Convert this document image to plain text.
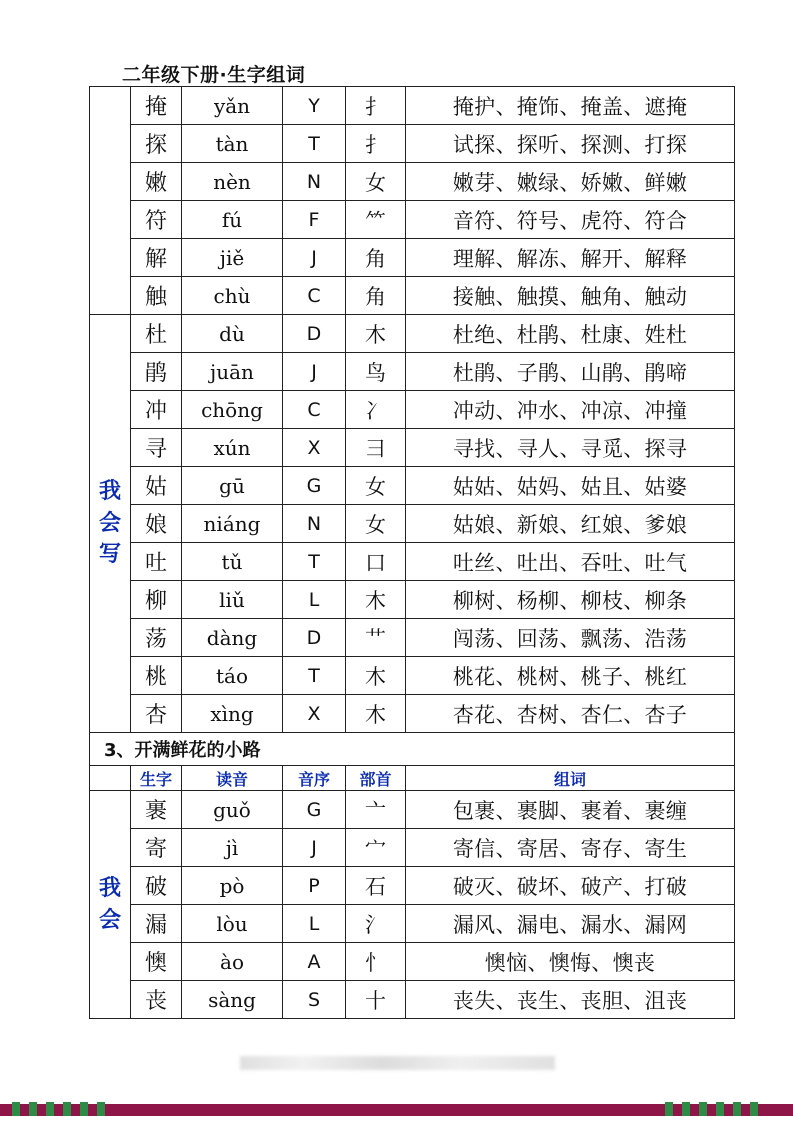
二年级下册·生字组词
	掩	yǎn	Y	扌	掩护、掩饰、掩盖、遮掩
	探	tàn	T	扌	试探、探听、探测、打探
	嫩	nèn	N	女	嫩芽、嫩绿、娇嫩、鲜嫩
	符	fú	F	⺮	音符、符号、虎符、符合
	解	jiě	J	角	理解、解冻、解开、解释
	触	chù	C	角	接触、触摸、触角、触动

我
会
写	杜	dù	D	木	杜绝、杜鹃、杜康、姓杜
	鹃	juān	J	鸟	杜鹃、子鹃、山鹃、鹃啼
	冲	chōng	C	冫	冲动、冲水、冲凉、冲撞
	寻	xún	X	⺕	寻找、寻人、寻觅、探寻
	姑	gū	G	女	姑姑、姑妈、姑且、姑婆
	娘	niáng	N	女	姑娘、新娘、红娘、爹娘
	吐	tǔ	T	口	吐丝、吐出、吞吐、吐气
	柳	liǔ	L	木	柳树、杨柳、柳枝、柳条
	荡	dàng	D	艹	闯荡、回荡、飘荡、浩荡
	桃	táo	T	木	桃花、桃树、桃子、桃红
	杏	xìng	X	木	杏花、杏树、杏仁、杏子
3、开满鲜花的小路					
	生字	读音	音序	部首	组词

我
会	裹	guǒ	G	亠	包裹、裹脚、裹着、裹缠
	寄	jì	J	宀	寄信、寄居、寄存、寄生
	破	pò	P	石	破灭、破坏、破产、打破
	漏	lòu	L	氵	漏风、漏电、漏水、漏网
	懊	ào	A	忄	懊恼、懊悔、懊丧
	丧	sàng	S	十	丧失、丧生、丧胆、沮丧
